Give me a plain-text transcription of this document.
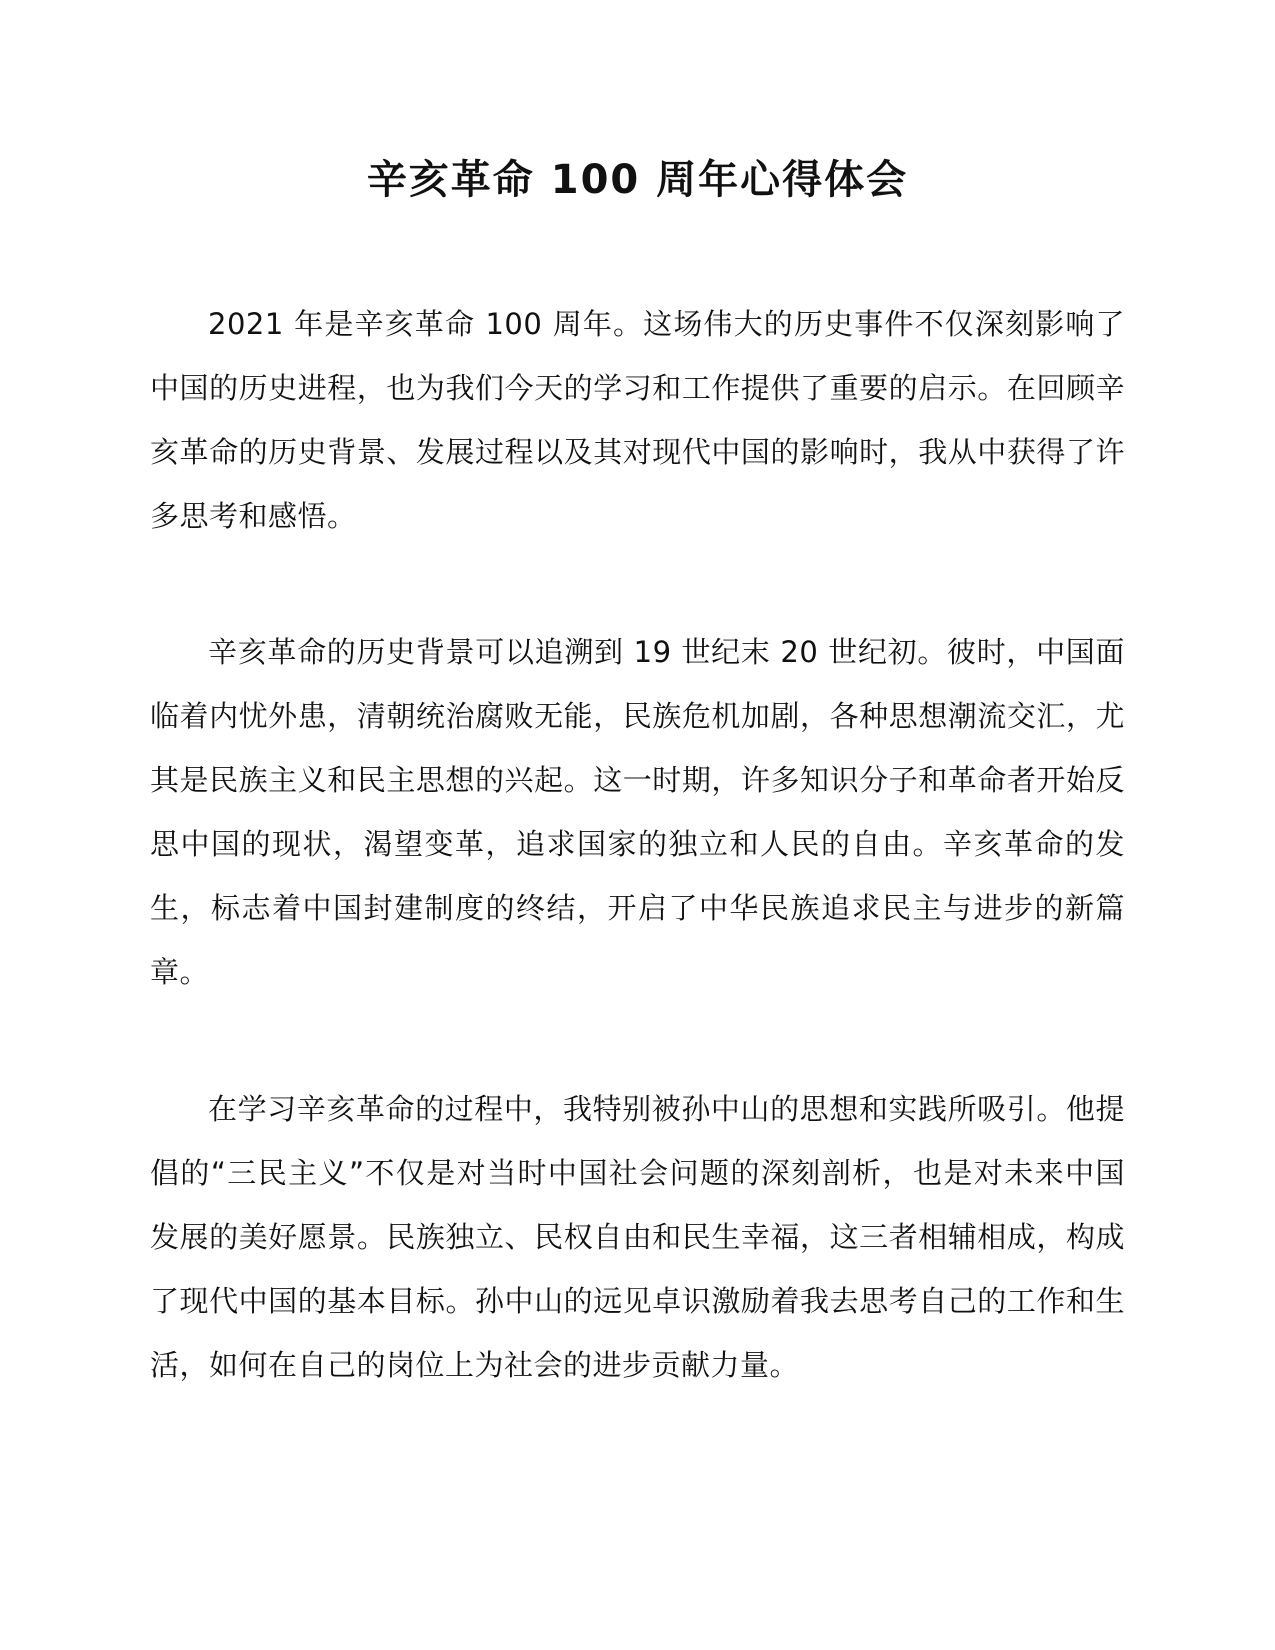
辛亥革命 100 周年心得体会

2021 年是辛亥革命 100 周年。这场伟大的历史事件不仅深刻影响了中国的历史进程，也为我们今天的学习和工作提供了重要的启示。在回顾辛亥革命的历史背景、发展过程以及其对现代中国的影响时，我从中获得了许多思考和感悟。

辛亥革命的历史背景可以追溯到 19 世纪末 20 世纪初。彼时，中国面临着内忧外患，清朝统治腐败无能，民族危机加剧，各种思想潮流交汇，尤其是民族主义和民主思想的兴起。这一时期，许多知识分子和革命者开始反思中国的现状，渴望变革，追求国家的独立和人民的自由。辛亥革命的发生，标志着中国封建制度的终结，开启了中华民族追求民主与进步的新篇章。

在学习辛亥革命的过程中，我特别被孙中山的思想和实践所吸引。他提倡的“三民主义”不仅是对当时中国社会问题的深刻剖析，也是对未来中国发展的美好愿景。民族独立、民权自由和民生幸福，这三者相辅相成，构成了现代中国的基本目标。孙中山的远见卓识激励着我去思考自己的工作和生活，如何在自己的岗位上为社会的进步贡献力量。
